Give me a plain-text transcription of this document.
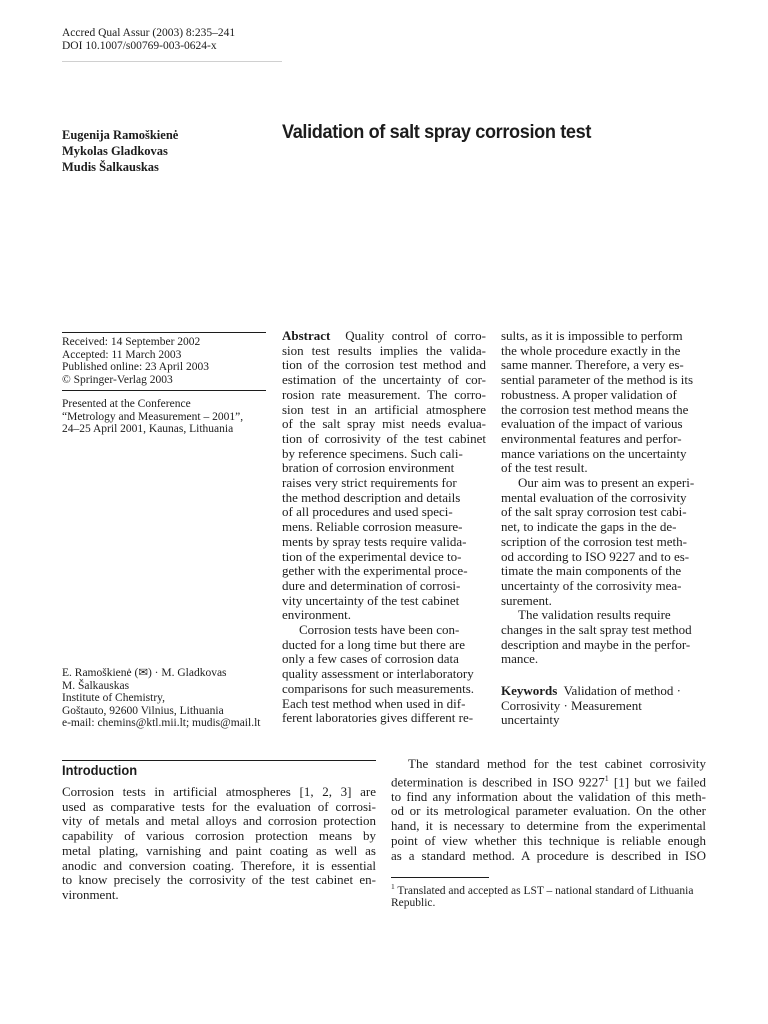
Accred Qual Assur (2003) 8:235–241
DOI 10.1007/s00769-003-0624-x
Eugenija Ramoškienė
Mykolas Gladkovas
Mudis Šalkauskas
Validation of salt spray corrosion test
Received: 14 September 2002
Accepted: 11 March 2003
Published online: 23 April 2003
© Springer-Verlag 2003
Presented at the Conference
“Metrology and Measurement – 2001”,
24–25 April 2001, Kaunas, Lithuania
E. Ramoškienė (✉) · M. Gladkovas
M. Šalkauskas
Institute of Chemistry,
Goštauto, 92600 Vilnius, Lithuania
e-mail: chemins@ktl.mii.lt; mudis@mail.lt
Abstract Quality control of corro-
sion test results implies the valida-
tion of the corrosion test method and
estimation of the uncertainty of cor-
rosion rate measurement. The corro-
sion test in an artificial atmosphere
of the salt spray mist needs evalua-
tion of corrosivity of the test cabinet
by reference specimens. Such cali-
bration of corrosion environment
raises very strict requirements for
the method description and details
of all procedures and used speci-
mens. Reliable corrosion measure-
ments by spray tests require valida-
tion of the experimental device to-
gether with the experimental proce-
dure and determination of corrosi-
vity uncertainty of the test cabinet
environment.
Corrosion tests have been con-
ducted for a long time but there are
only a few cases of corrosion data
quality assessment or interlaboratory
comparisons for such measurements.
Each test method when used in dif-
ferent laboratories gives different re-
sults, as it is impossible to perform
the whole procedure exactly in the
same manner. Therefore, a very es-
sential parameter of the method is its
robustness. A proper validation of
the corrosion test method means the
evaluation of the impact of various
environmental features and perfor-
mance variations on the uncertainty
of the test result.
Our aim was to present an experi-
mental evaluation of the corrosivity
of the salt spray corrosion test cabi-
net, to indicate the gaps in the de-
scription of the corrosion test meth-
od according to ISO 9227 and to es-
timate the main components of the
uncertainty of the corrosivity mea-
surement.
The validation results require
changes in the salt spray test method
description and maybe in the perfor-
mance.
Keywords Validation of method ·
Corrosivity · Measurement
uncertainty
Introduction
Corrosion tests in artificial atmospheres [1, 2, 3] are
used as comparative tests for the evaluation of corrosi-
vity of metals and metal alloys and corrosion protection
capability of various corrosion protection means by
metal plating, varnishing and paint coating as well as
anodic and conversion coating. Therefore, it is essential
to know precisely the corrosivity of the test cabinet en-
vironment.
The standard method for the test cabinet corrosivity
determination is described in ISO 9227$^1$ [1] but we failed
to find any information about the validation of this meth-
od or its metrological parameter evaluation. On the other
hand, it is necessary to determine from the experimental
point of view whether this technique is reliable enough
as a standard method. A procedure is described in ISO
$^1$ Translated and accepted as LST – national standard of Lithuania
Republic.
